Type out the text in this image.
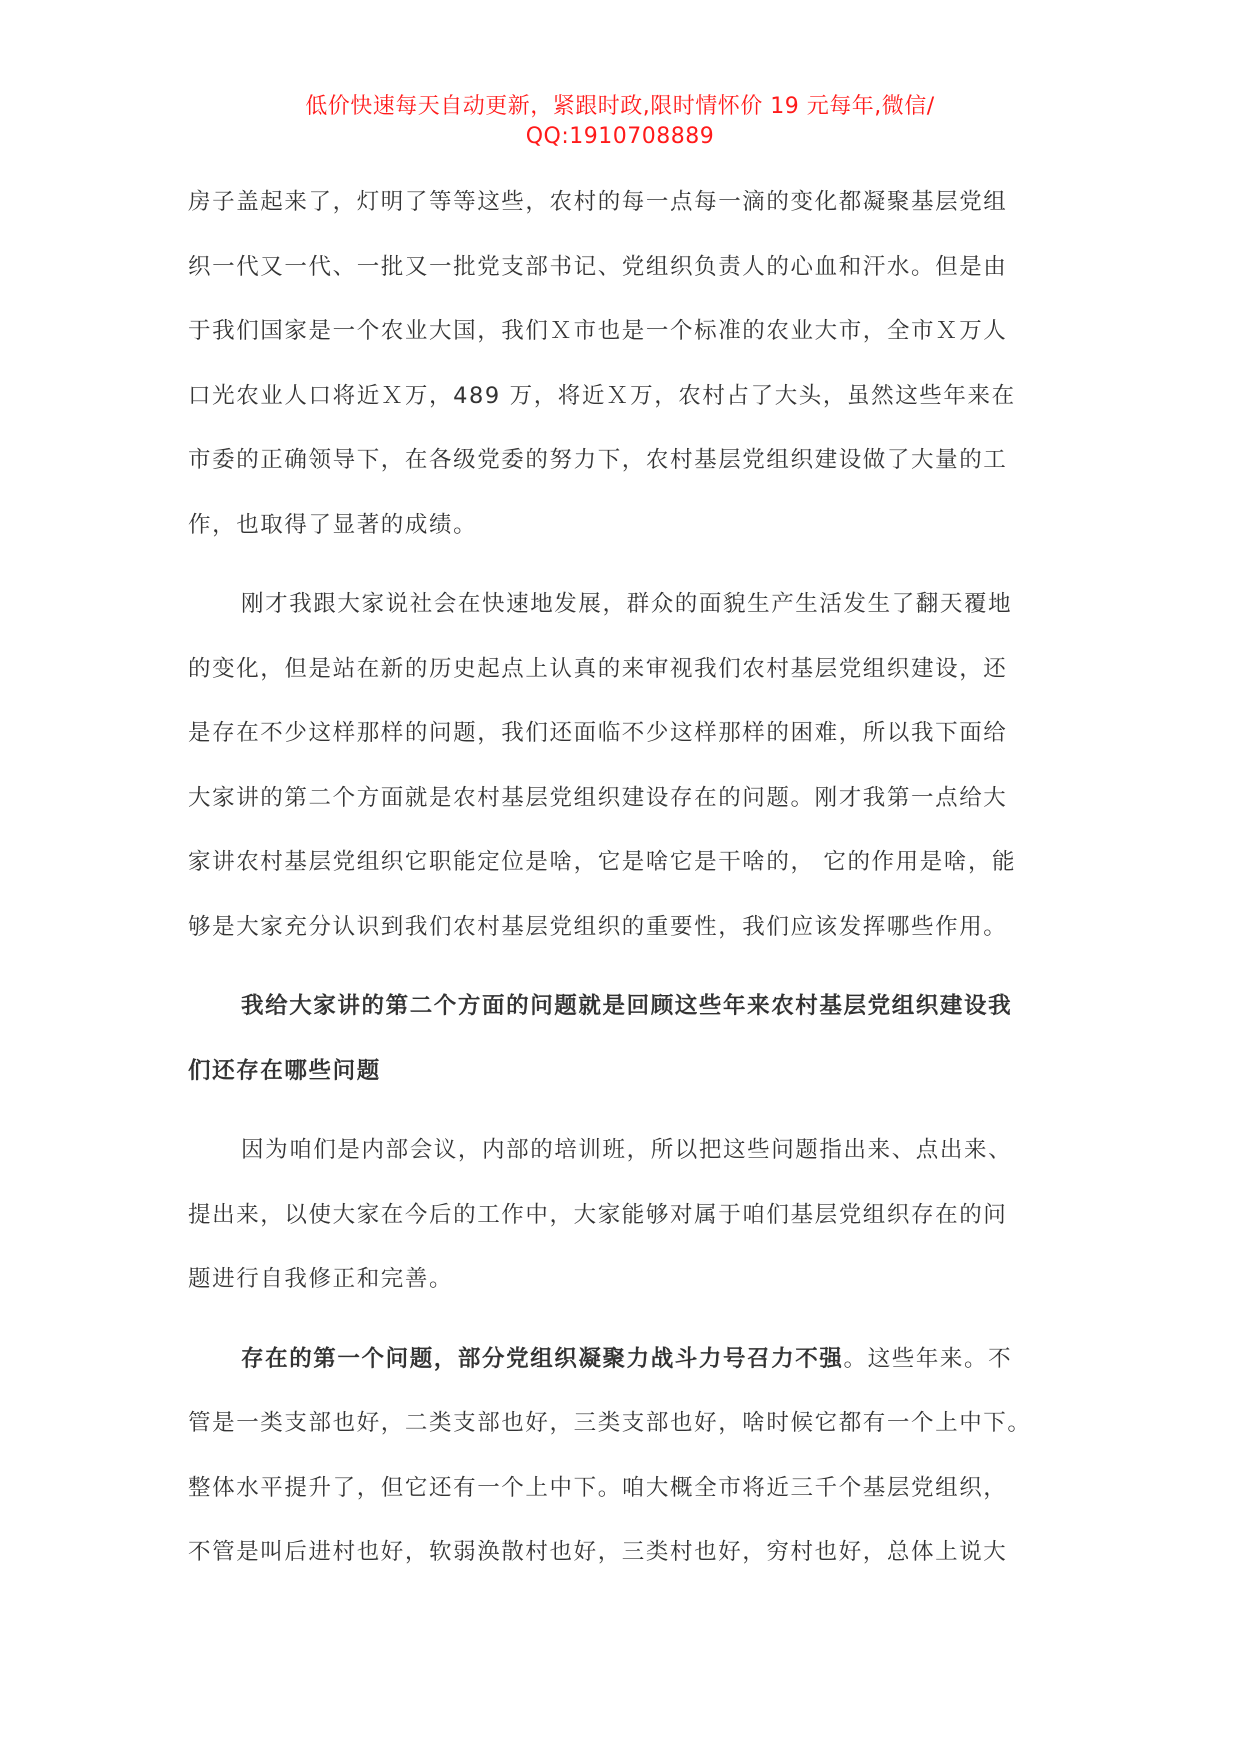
低价快速每天自动更新，紧跟时政,限时情怀价 19 元每年,微信/
QQ:1910708889
房子盖起来了，灯明了等等这些，农村的每一点每一滴的变化都凝聚基层党组
织一代又一代、一批又一批党支部书记、党组织负责人的心血和汗水。但是由
于我们国家是一个农业大国，我们Ｘ市也是一个标准的农业大市，全市Ｘ万人
口光农业人口将近Ｘ万，489 万，将近Ｘ万，农村占了大头，虽然这些年来在
市委的正确领导下，在各级党委的努力下，农村基层党组织建设做了大量的工
作，也取得了显著的成绩。
刚才我跟大家说社会在快速地发展，群众的面貌生产生活发生了翻天覆地
的变化，但是站在新的历史起点上认真的来审视我们农村基层党组织建设，还
是存在不少这样那样的问题，我们还面临不少这样那样的困难，所以我下面给
大家讲的第二个方面就是农村基层党组织建设存在的问题。刚才我第一点给大
家讲农村基层党组织它职能定位是啥，它是啥它是干啥的， 它的作用是啥，能
够是大家充分认识到我们农村基层党组织的重要性，我们应该发挥哪些作用。
我给大家讲的第二个方面的问题就是回顾这些年来农村基层党组织建设我
们还存在哪些问题
因为咱们是内部会议，内部的培训班，所以把这些问题指出来、点出来、
提出来，以使大家在今后的工作中，大家能够对属于咱们基层党组织存在的问
题进行自我修正和完善。
存在的第一个问题，部分党组织凝聚力战斗力号召力不强。这些年来。不
管是一类支部也好，二类支部也好，三类支部也好，啥时候它都有一个上中下。
整体水平提升了，但它还有一个上中下。咱大概全市将近三千个基层党组织，
不管是叫后进村也好，软弱涣散村也好，三类村也好，穷村也好，总体上说大
